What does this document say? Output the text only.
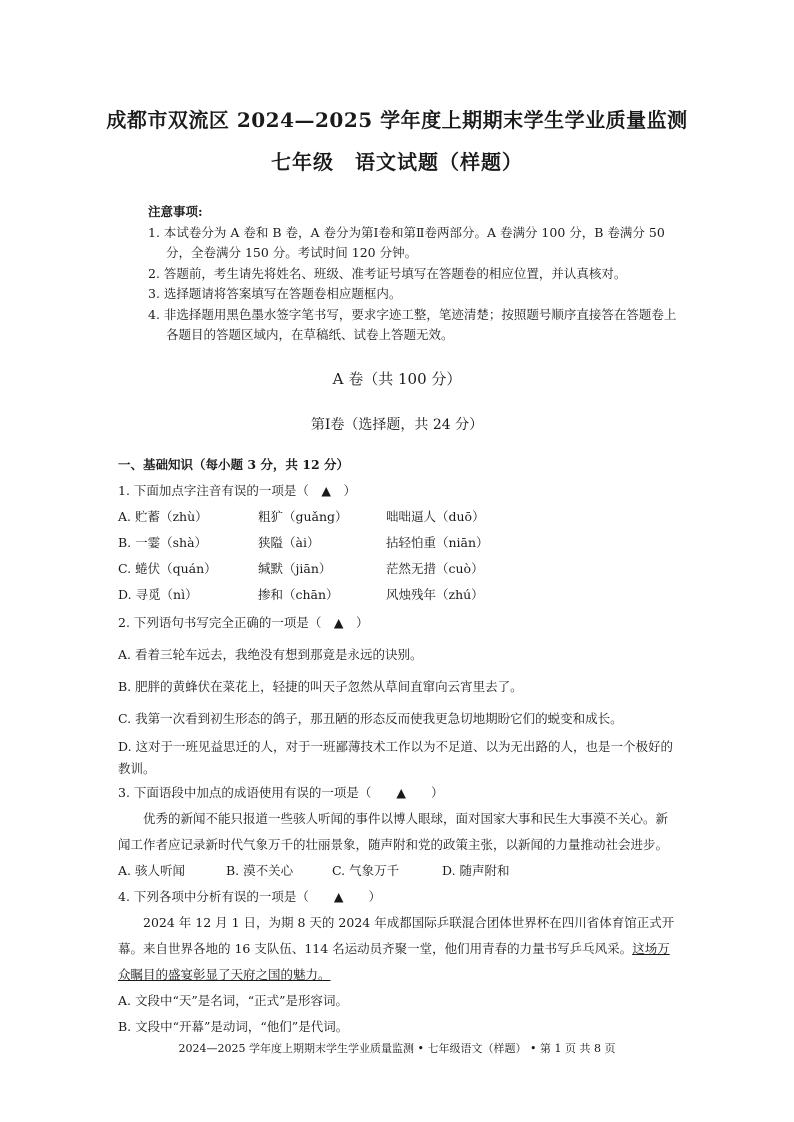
成都市双流区 2024—2025 学年度上期期末学生学业质量监测
七年级　语文试题（样题）
注意事项:
1. 本试卷分为 A 卷和 B 卷，A 卷分为第Ⅰ卷和第Ⅱ卷两部分。A 卷满分 100 分，B 卷满分 50 分，全卷满分 150 分。考试时间 120 分钟。
2. 答题前，考生请先将姓名、班级、准考证号填写在答题卷的相应位置，并认真核对。
3. 选择题请将答案填写在答题卷相应题框内。
4. 非选择题用黑色墨水签字笔书写，要求字迹工整，笔迹清楚；按照题号顺序直接答在答题卷上各题目的答题区域内，在草稿纸、试卷上答题无效。
A 卷（共 100 分）
第Ⅰ卷（选择题，共 24 分）
一、基础知识（每小题 3 分，共 12 分）
1. 下面加点字注音有误的一项是（　▲　）
A. 贮蓄（zhù）	粗犷（guǎng）	咄咄逼人（duō）
B. 一霎（shà）	狭隘（ài）	拈轻怕重（niān）
C. 蜷伏（quán）	缄默（jiān）	茫然无措（cuò）
D. 寻觅（nì）	掺和（chān）	风烛残年（zhú）
2. 下列语句书写完全正确的一项是（　▲　）
A. 看着三轮车远去，我绝没有想到那竟是永远的诀别。
B. 肥胖的黄蜂伏在菜花上，轻捷的叫天子忽然从草间直窜向云宵里去了。
C. 我第一次看到初生形态的鸽子，那丑陋的形态反而使我更急切地期盼它们的蜕变和成长。
D. 这对于一班见益思迁的人，对于一班鄙薄技术工作以为不足道、以为无出路的人，也是一个极好的教训。
3. 下面语段中加点的成语使用有误的一项是（　　▲　　）
优秀的新闻不能只报道一些骇人听闻的事件以博人眼球，面对国家大事和民生大事漠不关心。新闻工作者应记录新时代气象万千的壮丽景象，随声附和党的政策主张，以新闻的力量推动社会进步。
A. 骇人听闻	B. 漠不关心	C. 气象万千	D. 随声附和
4. 下列各项中分析有误的一项是（　　▲　　）
2024 年 12 月 1 日，为期 8 天的 2024 年成都国际乒联混合团体世界杯在四川省体育馆正式开幕。来自世界各地的 16 支队伍、114 名运动员齐聚一堂，他们用青春的力量书写乒乓风采。这场万众瞩目的盛宴彰显了天府之国的魅力。
A. 文段中“天”是名词，“正式”是形容词。
B. 文段中“开幕”是动词，“他们”是代词。
2024—2025 学年度上期期末学生学业质量监测 • 七年级语文（样题） • 第 1 页 共 8 页
